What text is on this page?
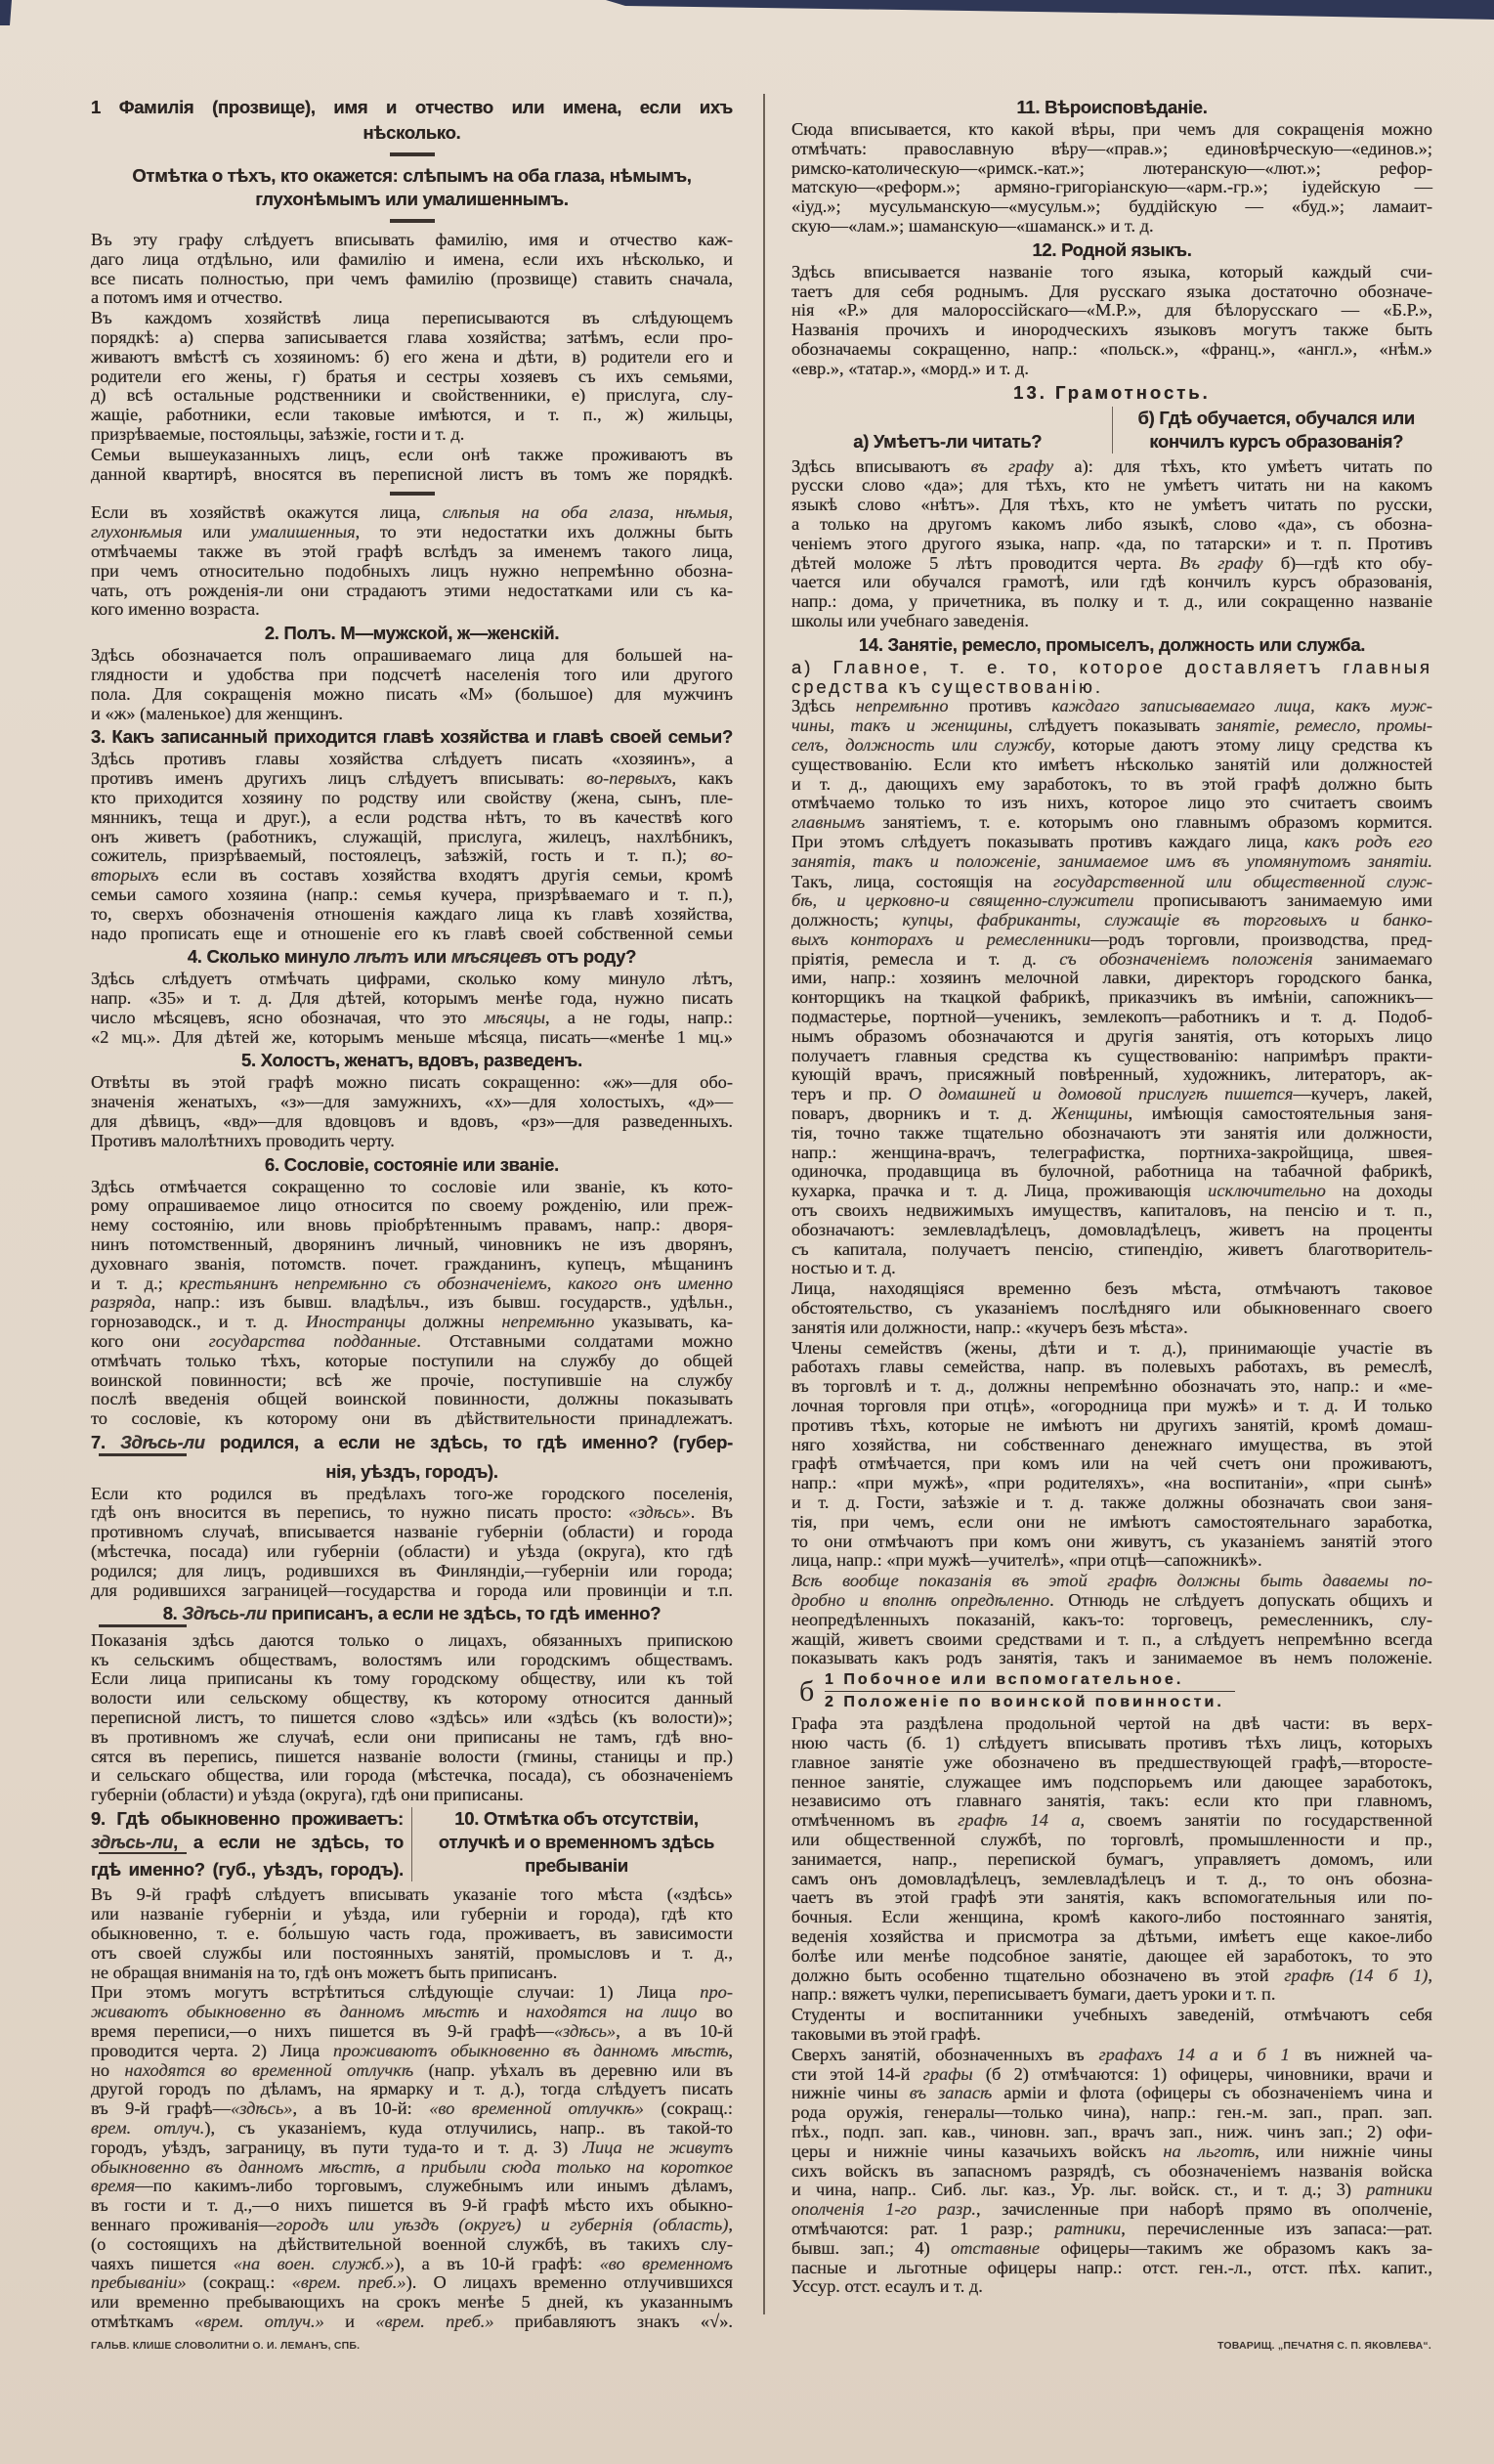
1 Фамилія (прозвище), имя и отчество или имена, если ихъ
нѣсколько.
Отмѣтка о тѣхъ, кто окажется: слѣпымъ на оба глаза, нѣмымъ,
глухонѣмымъ или умалишеннымъ.
Въ эту графу слѣдуетъ вписывать фамилію, имя и отчество каж-
даго лица отдѣльно, или фамилію и имена, если ихъ нѣсколько, и
все писать полностью, при чемъ фамилію (прозвище) ставить сначала,
а потомъ имя и отчество.
Въ каждомъ хозяйствѣ лица переписываются въ слѣдующемъ
порядкѣ: а) сперва записывается глава хозяйства; затѣмъ, если про-
живаютъ вмѣстѣ съ хозяиномъ: б) его жена и дѣти, в) родители его и
родители его жены, г) братья и сестры хозяевъ съ ихъ семьями,
д) всѣ остальные родственники и свойственники, е) прислуга, слу-
жащіе, работники, если таковые имѣются, и т. п., ж) жильцы,
призрѣваемые, постояльцы, заѣзжіе, гости и т. д.
Семьи вышеуказанныхъ лицъ, если онѣ также проживаютъ въ
данной квартирѣ, вносятся въ переписной листъ въ томъ же порядкѣ.
Если въ хозяйствѣ окажутся лица, слѣпыя на оба глаза, нѣмыя,
глухонѣмыя или умалишенныя, то эти недостатки ихъ должны быть
отмѣчаемы также въ этой графѣ вслѣдъ за именемъ такого лица,
при чемъ относительно подобныхъ лицъ нужно непремѣнно обозна-
чать, отъ рожденія-ли они страдаютъ этими недостатками или съ ка-
кого именно возраста.
2. Полъ. М—мужской, ж—женскій.
Здѣсь обозначается полъ опрашиваемаго лица для большей на-
глядности и удобства при подсчетѣ населенія того или другого
пола. Для сокращенія можно писать «М» (большое) для мужчинъ
и «ж» (маленькое) для женщинъ.
3. Какъ записанный приходится главѣ хозяйства и главѣ своей семьи?
Здѣсь противъ главы хозяйства слѣдуетъ писать «хозяинъ», а
противъ именъ другихъ лицъ слѣдуетъ вписывать: во-первыхъ, какъ
кто приходится хозяину по родству или свойству (жена, сынъ, пле-
мянникъ, теща и друг.), а если родства нѣтъ, то въ качествѣ кого
онъ живетъ (работникъ, служащій, прислуга, жилецъ, нахлѣбникъ,
сожитель, призрѣваемый, постоялецъ, заѣзжій, гость и т. п.); во-
вторыхъ если въ составъ хозяйства входятъ другія семьи, кромѣ
семьи самого хозяина (напр.: семья кучера, призрѣваемаго и т. п.),
то, сверхъ обозначенія отношенія каждаго лица къ главѣ хозяйства,
надо прописать еще и отношеніе его къ главѣ своей собственной семьи
4. Сколько минуло лѣтъ или мѣсяцевъ отъ роду?
Здѣсь слѣдуетъ отмѣчать цифрами, сколько кому минуло лѣтъ,
напр. «35» и т. д. Для дѣтей, которымъ менѣе года, нужно писать
число мѣсяцевъ, ясно обозначая, что это мѣсяцы, а не годы, напр.:
«2 мц.». Для дѣтей же, которымъ меньше мѣсяца, писать—«менѣе 1 мц.»
5. Холостъ, женатъ, вдовъ, разведенъ.
Отвѣты въ этой графѣ можно писать сокращенно: «ж»—для обо-
значенія женатыхъ, «з»—для замужнихъ, «х»—для холостыхъ, «д»—
для дѣвицъ, «вд»—для вдовцовъ и вдовъ, «рз»—для разведенныхъ.
Противъ малолѣтнихъ проводить черту.
6. Сословіе, состояніе или званіе.
Здѣсь отмѣчается сокращенно то сословіе или званіе, къ кото-
рому опрашиваемое лицо относится по своему рожденію, или преж-
нему состоянію, или вновь пріобрѣтеннымъ правамъ, напр.: дворя-
нинъ потомственный, дворянинъ личный, чиновникъ не изъ дворянъ,
духовнаго званія, потомств. почет. гражданинъ, купецъ, мѣщанинъ
и т. д.; крестьянинъ непремѣнно съ обозначеніемъ, какого онъ именно
разряда, напр.: изъ бывш. владѣльч., изъ бывш. государств., удѣльн.,
горнозаводск., и т. д. Иностранцы должны непремѣнно указывать, ка-
кого они государства подданные. Отставными солдатами можно
отмѣчать только тѣхъ, которые поступили на службу до общей
воинской повинности; всѣ же прочіе, поступившіе на службу
послѣ введенія общей воинской повинности, должны показывать
то сословіе, къ которому они въ дѣйствительности принадлежатъ.
7. Здѣсь-ли родился, а если не здѣсь, то гдѣ именно? (губер-
нія, уѣздъ, городъ).
Если кто родился въ предѣлахъ того-же городского поселенія,
гдѣ онъ вносится въ перепись, то нужно писать просто: «здѣсь». Въ
противномъ случаѣ, вписывается названіе губерніи (области) и города
(мѣстечка, посада) или губерніи (области) и уѣзда (округа), кто гдѣ
родился; для лицъ, родившихся въ Финляндіи,—губерніи или города;
для родившихся заграницей—государства и города или провинціи и т.п.
8. Здѣсь-ли приписанъ, а если не здѣсь, то гдѣ именно?
Показанія здѣсь даются только о лицахъ, обязанныхъ припискою
къ сельскимъ обществамъ, волостямъ или городскимъ обществамъ.
Если лица приписаны къ тому городскому обществу, или къ той
волости или сельскому обществу, къ которому относится данный
переписной листъ, то пишется слово «здѣсь» или «здѣсь (къ волости)»;
въ противномъ же случаѣ, если они приписаны не тамъ, гдѣ вно-
сятся въ перепись, пишется названіе волости (гмины, станицы и пр.)
и сельскаго общества, или города (мѣстечка, посада), съ обозначеніемъ
губерніи (области) и уѣзда (округа), гдѣ они приписаны.
9. Гдѣ обыкновенно проживаетъ:
здѣсь-ли, а если не здѣсь, то
гдѣ именно? (губ., уѣздъ, городъ).
10. Отмѣтка объ отсутствіи,
отлучкѣ и о временномъ здѣсь
пребываніи
Въ 9-й графѣ слѣдуетъ вписывать указаніе того мѣста («здѣсь»
или названіе губерніи и уѣзда, или губерніи и города), гдѣ кто
обыкновенно, т. е. бо́льшую часть года, проживаетъ, въ зависимости
отъ своей службы или постоянныхъ занятій, промысловъ и т. д.,
не обращая вниманія на то, гдѣ онъ можетъ быть приписанъ.
При этомъ могутъ встрѣтиться слѣдующіе случаи: 1) Лица про-
живаютъ обыкновенно въ данномъ мѣстѣ и находятся на лицо во
время переписи,—о нихъ пишется въ 9-й графѣ—«здѣсь», а въ 10-й
проводится черта. 2) Лица проживаютъ обыкновенно въ данномъ мѣстѣ,
но находятся во временной отлучкѣ (напр. уѣхалъ въ деревню или въ
другой городъ по дѣламъ, на ярмарку и т. д.), тогда слѣдуетъ писать
въ 9-й графѣ—«здѣсь», а въ 10-й: «во временной отлучкѣ» (сокращ.:
врем. отлуч.), съ указаніемъ, куда отлучились, напр.. въ такой-то
городъ, уѣздъ, заграницу, въ пути туда-то и т. д. 3) Лица не живутъ
обыкновенно въ данномъ мѣстѣ, а прибыли сюда только на короткое
время—по какимъ-либо торговымъ, служебнымъ или инымъ дѣламъ,
въ гости и т. д.,—о нихъ пишется въ 9-й графѣ мѣсто ихъ обыкно-
веннаго проживанія—городъ или уѣздъ (округъ) и губернія (область),
(о состоящихъ на дѣйствительной военной службѣ, въ такихъ слу-
чаяхъ пишется «на воен. служб.»), а въ 10-й графѣ: «во временномъ
пребываніи» (сокращ.: «врем. преб.»). О лицахъ временно отлучившихся
или временно пребывающихъ на срокъ менѣе 5 дней, къ указаннымъ
отмѣткамъ «врем. отлуч.» и «врем. преб.» прибавляютъ знакъ «√».
11. Вѣроисповѣданіе.
Сюда вписывается, кто какой вѣры, при чемъ для сокращенія можно
отмѣчать: православную вѣру—«прав.»; единовѣрческую—«единов.»;
римско-католическую—«римск.-кат.»; лютеранскую—«лют.»; рефор-
матскую—«реформ.»; армяно-григоріанскую—«арм.-гр.»; іудейскую —
«іуд.»; мусульманскую—«мусульм.»; буддійскую — «буд.»; ламаит-
скую—«лам.»; шаманскую—«шаманск.» и т. д.
12. Родной языкъ.
Здѣсь вписывается названіе того языка, который каждый счи-
таетъ для себя роднымъ. Для русскаго языка достаточно обозначе-
нія «Р.» для малороссійскаго—«М.Р.», для бѣлорусскаго — «Б.Р.»,
Названія прочихъ и инородческихъ языковъ могутъ также быть
обозначаемы сокращенно, напр.: «польск.», «франц.», «англ.», «нѣм.»
«евр.», «татар.», «морд.» и т. д.
13. Грамотность.
а) Умѣетъ-ли читать?
б) Гдѣ обучается, обучался или
кончилъ курсъ образованія?
Здѣсь вписываютъ въ графу а): для тѣхъ, кто умѣетъ читать по
русски слово «да»; для тѣхъ, кто не умѣетъ читать ни на какомъ
языкѣ слово «нѣтъ». Для тѣхъ, кто не умѣетъ читать по русски,
а только на другомъ какомъ либо языкѣ, слово «да», съ обозна-
ченіемъ этого другого языка, напр. «да, по татарски» и т. п. Противъ
дѣтей моложе 5 лѣтъ проводится черта. Въ графу б)—гдѣ кто обу-
чается или обучался грамотѣ, или гдѣ кончилъ курсъ образованія,
напр.: дома, у причетника, въ полку и т. д., или сокращенно названіе
школы или учебнаго заведенія.
14. Занятіе, ремесло, промыселъ, должность или служба.
а) Главное, т. е. то, которое доставляетъ главныя
средства къ существованію.
Здѣсь непремѣнно противъ каждаго записываемаго лица, какъ муж-
чины, такъ и женщины, слѣдуетъ показывать занятіе, ремесло, промы-
селъ, должность или службу, которые даютъ этому лицу средства къ
существованію. Если кто имѣетъ нѣсколько занятій или должностей
и т. д., дающихъ ему заработокъ, то въ этой графѣ должно быть
отмѣчаемо только то изъ нихъ, которое лицо это считаетъ своимъ
главнымъ занятіемъ, т. е. которымъ оно главнымъ образомъ кормится.
При этомъ слѣдуетъ показывать противъ каждаго лица, какъ родъ его
занятія, такъ и положеніе, занимаемое имъ въ упомянутомъ занятіи.
Такъ, лица, состоящія на государственной или общественной служ-
бѣ, и церковно-и священно-служители прописываютъ занимаемую ими
должность; купцы, фабриканты, служащіе въ торговыхъ и банко-
выхъ конторахъ и ремесленники—родъ торговли, производства, пред-
пріятія, ремесла и т. д. съ обозначеніемъ положенія занимаемаго
ими, напр.: хозяинъ мелочной лавки, директоръ городского банка,
конторщикъ на ткацкой фабрикѣ, приказчикъ въ имѣніи, сапожникъ—
подмастерье, портной—ученикъ, землекопъ—работникъ и т. д. Подоб-
нымъ образомъ обозначаются и другія занятія, отъ которыхъ лицо
получаетъ главныя средства къ существованію: напримѣръ практи-
кующій врачъ, присяжный повѣренный, художникъ, литераторъ, ак-
теръ и пр. О домашней и домовой прислугѣ пишется—кучеръ, лакей,
поваръ, дворникъ и т. д. Женщины, имѣющія самостоятельныя заня-
тія, точно также тщательно обозначаютъ эти занятія или должности,
напр.: женщина-врачъ, телеграфистка, портниха-закройщица, швея-
одиночка, продавщица въ булочной, работница на табачной фабрикѣ,
кухарка, прачка и т. д. Лица, проживающія исключительно на доходы
отъ своихъ недвижимыхъ имуществъ, капиталовъ, на пенсію и т. п.,
обозначаютъ: землевладѣлецъ, домовладѣлецъ, живетъ на проценты
съ капитала, получаетъ пенсію, стипендію, живетъ благотворитель-
ностью и т. д.
Лица, находящіяся временно безъ мѣста, отмѣчаютъ таковое
обстоятельство, съ указаніемъ послѣдняго или обыкновеннаго своего
занятія или должности, напр.: «кучеръ безъ мѣста».
Члены семействъ (жены, дѣти и т. д.), принимающіе участіе въ
работахъ главы семейства, напр. въ полевыхъ работахъ, въ ремеслѣ,
въ торговлѣ и т. д., должны непремѣнно обозначать это, напр.: и «ме-
лочная торговля при отцѣ», «огородница при мужѣ» и т. д. И только
противъ тѣхъ, которые не имѣютъ ни другихъ занятій, кромѣ домаш-
няго хозяйства, ни собственнаго денежнаго имущества, въ этой
графѣ отмѣчается, при комъ или на чей счетъ они проживаютъ,
напр.: «при мужѣ», «при родителяхъ», «на воспитаніи», «при сынѣ»
и т. д. Гости, заѣзжіе и т. д. также должны обозначать свои заня-
тія, при чемъ, если они не имѣютъ самостоятельнаго заработка,
то они отмѣчаютъ при комъ они живутъ, съ указаніемъ занятій этого
лица, напр.: «при мужѣ—учителѣ», «при отцѣ—сапожникѣ».
Всѣ вообще показанія въ этой графѣ должны быть даваемы по-
дробно и вполнѣ опредѣленно. Отнюдь не слѣдуетъ допускать общихъ и
неопредѣленныхъ показаній, какъ-то: торговецъ, ремесленникъ, слу-
жащій, живетъ своими средствами и т. п., а слѣдуетъ непремѣнно всегда
показывать какъ родъ занятія, такъ и занимаемое въ немъ положеніе.
б 1 Побочное или вспомогательное.
2 Положеніе по воинской повинности.
Графа эта раздѣлена продольной чертой на двѣ части: въ верх-
нюю часть (б. 1) слѣдуетъ вписывать противъ тѣхъ лицъ, которыхъ
главное занятіе уже обозначено въ предшествующей графѣ,—второсте-
пенное занятіе, служащее имъ подспорьемъ или дающее заработокъ,
независимо отъ главнаго занятія, такъ: если кто при главномъ,
отмѣченномъ въ графѣ 14 а, своемъ занятіи по государственной
или общественной службѣ, по торговлѣ, промышленности и пр.,
занимается, напр., перепиской бумагъ, управляетъ домомъ, или
самъ онъ домовладѣлецъ, землевладѣлецъ и т. д., то онъ обозна-
чаетъ въ этой графѣ эти занятія, какъ вспомогательныя или по-
бочныя. Если женщина, кромѣ какого-либо постояннаго занятія,
веденія хозяйства и присмотра за дѣтьми, имѣетъ еще какое-либо
болѣе или менѣе подсобное занятіе, дающее ей заработокъ, то это
должно быть особенно тщательно обозначено въ этой графѣ (14 б 1),
напр.: вяжетъ чулки, переписываетъ бумаги, даетъ уроки и т. п.
Студенты и воспитанники учебныхъ заведеній, отмѣчаютъ себя
таковыми въ этой графѣ.
Сверхъ занятій, обозначенныхъ въ графахъ 14 а и б 1 въ нижней ча-
сти этой 14-й графы (б 2) отмѣчаются: 1) офицеры, чиновники, врачи и
нижніе чины въ запасѣ арміи и флота (офицеры съ обозначеніемъ чина и
рода оружія, генералы—только чина), напр.: ген.-м. зап., прап. зап.
пѣх., подп. зап. кав., чиновн. зап., врачъ зап., ниж. чинъ зап.; 2) офи-
церы и нижніе чины казачьихъ войскъ на льготѣ, или нижніе чины
сихъ войскъ въ запасномъ разрядѣ, съ обозначеніемъ названія войска
и чина, напр.. Сиб. льг. каз., Ур. льг. войск. ст., и т. д.; 3) ратники
ополченія 1-го разр., зачисленные при наборѣ прямо въ ополченіе,
отмѣчаются: рат. 1 разр.; ратники, перечисленные изъ запаса:—рат.
бывш. зап.; 4) отставные офицеры—такимъ же образомъ какъ за-
пасные и льготные офицеры напр.: отст. ген.-л., отст. пѣх. капит.,
Уссур. отст. есаулъ и т. д.
ГАЛЬВ. КЛИШЕ СЛОВОЛИТНИ О. И. ЛЕМАНЪ, СПБ.	ТОВАРИЩ. „ПЕЧАТНЯ С. П. ЯКОВЛЕВА“.
